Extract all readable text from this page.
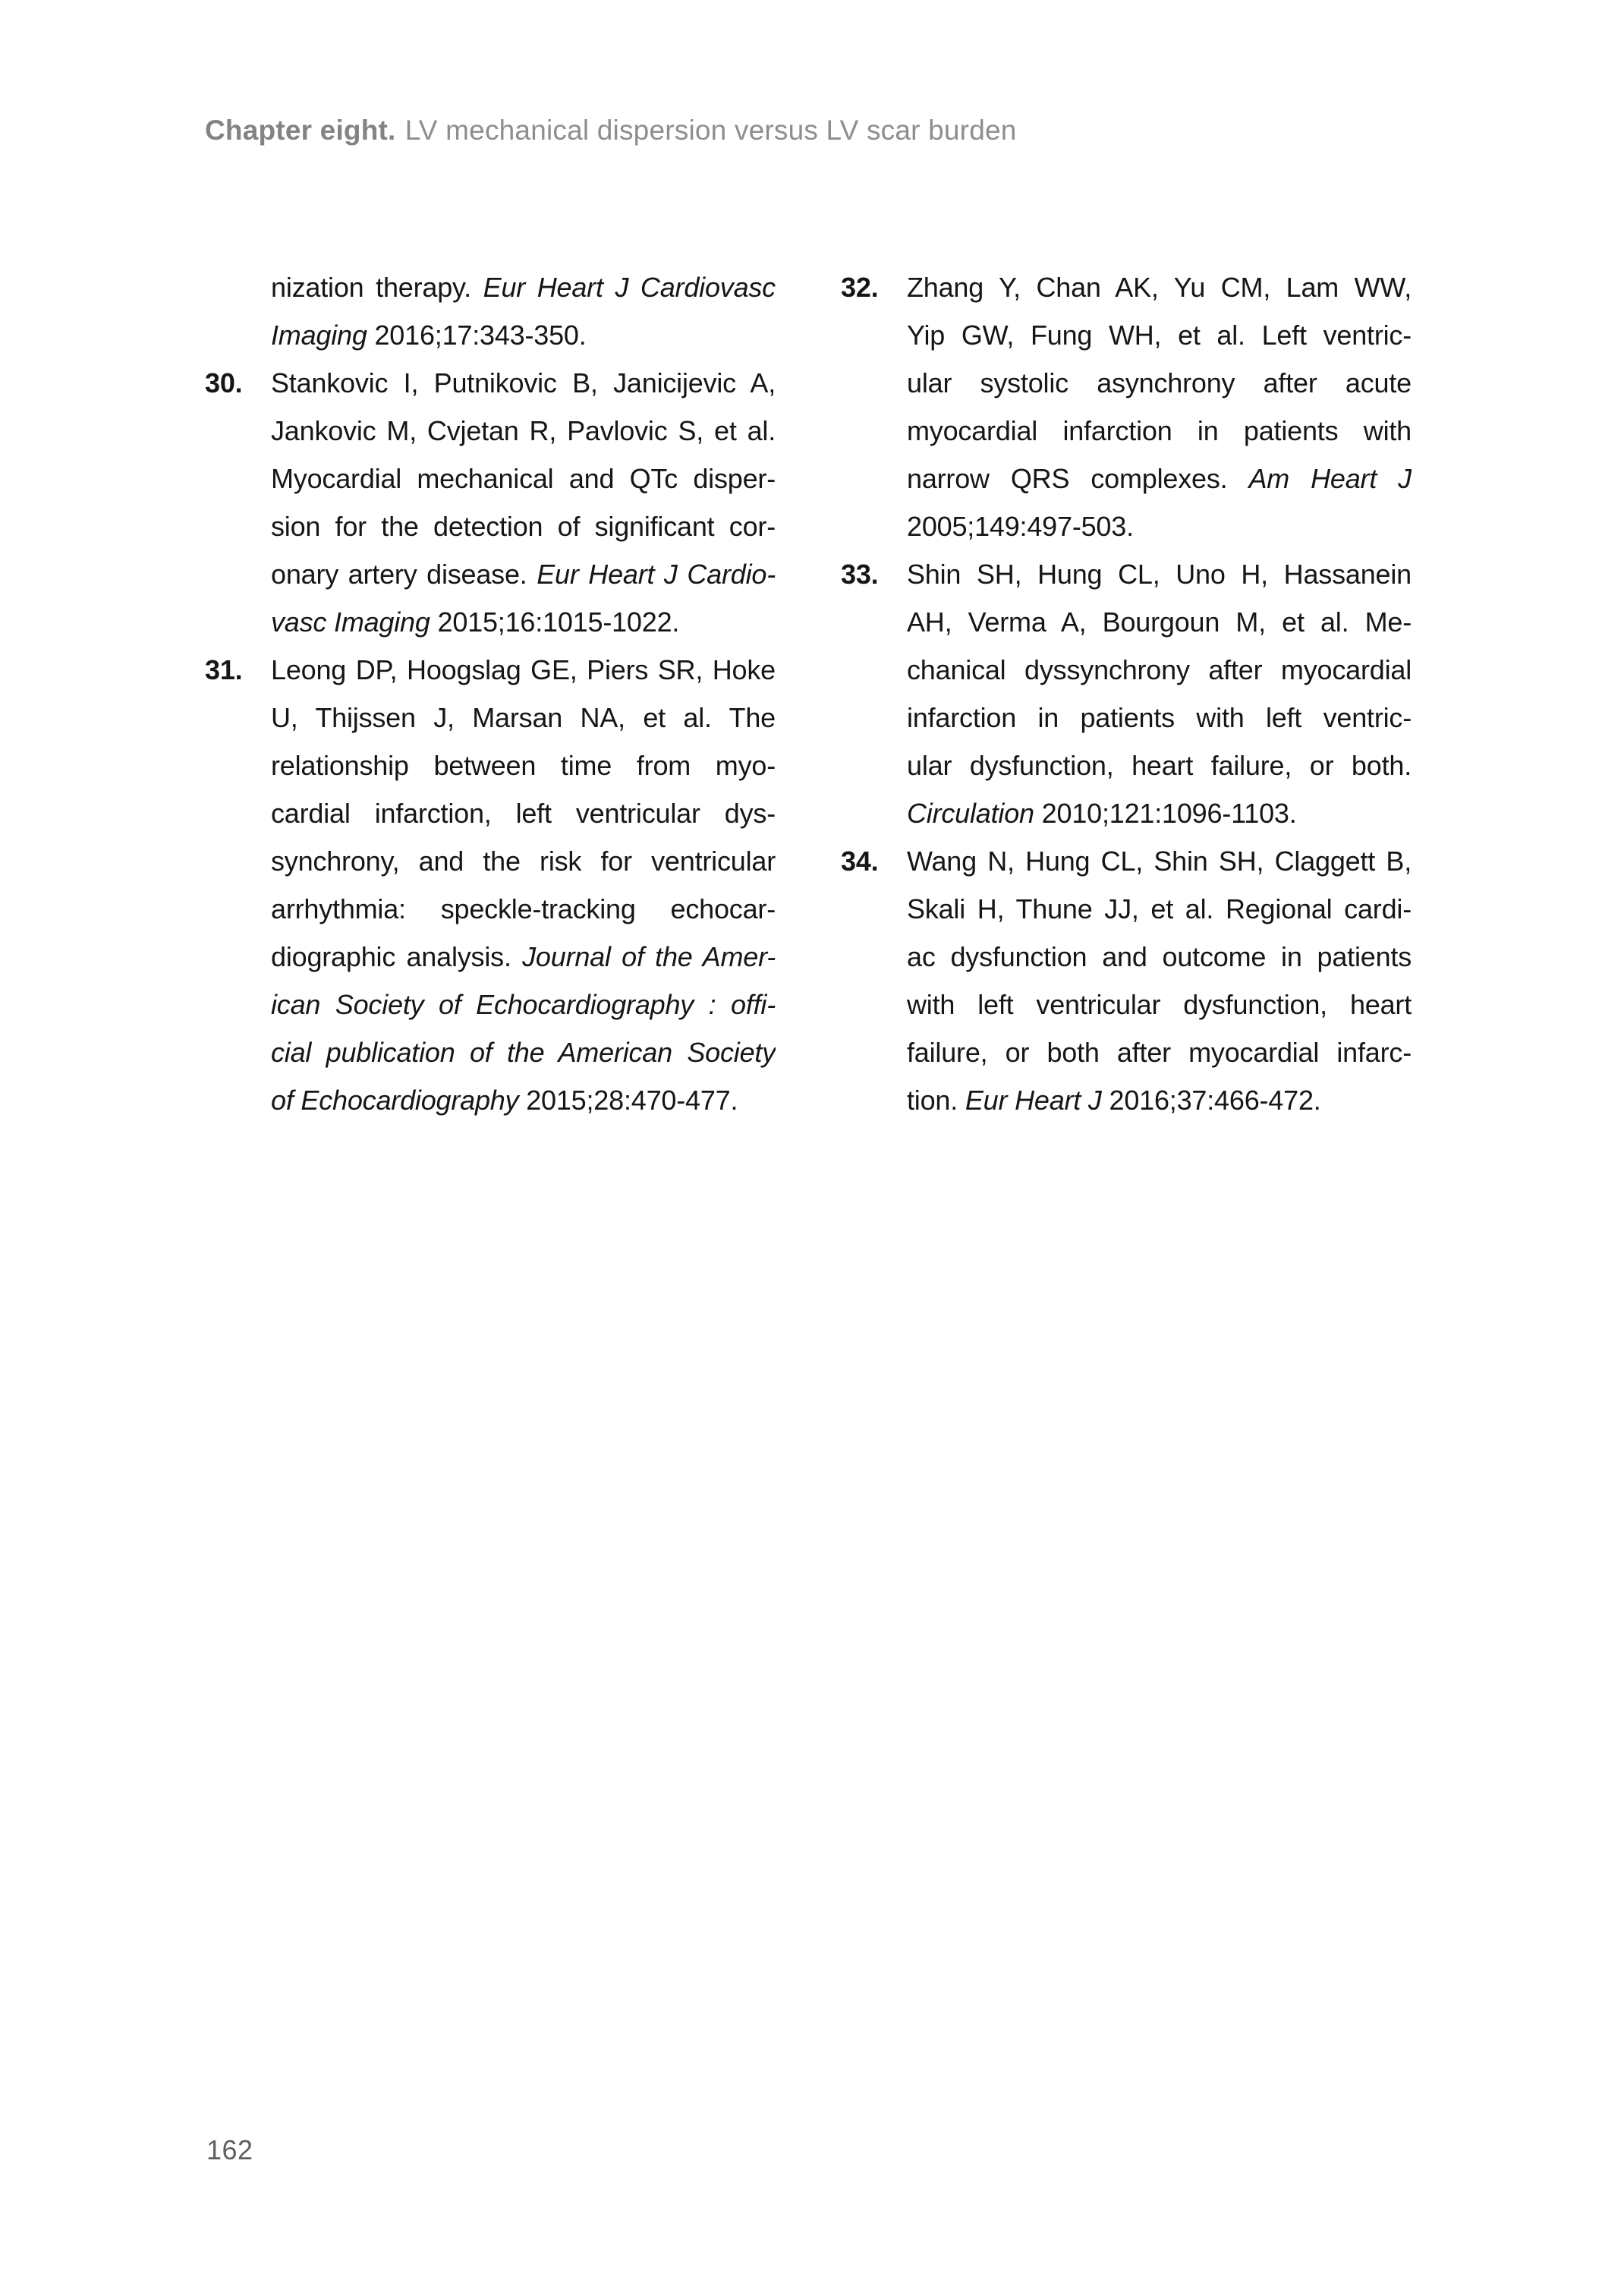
Chapter eight. LV mechanical dispersion versus LV scar burden
nization therapy. Eur Heart J Cardiovasc
Imaging 2016;17:343-350.
30.	Stankovic I, Putnikovic B, Janicijevic A,
Jankovic M, Cvjetan R, Pavlovic S, et al.
Myocardial mechanical and QTc disper-
sion for the detection of significant cor-
onary artery disease. Eur Heart J Cardio-
vasc Imaging 2015;16:1015-1022.
31.	Leong DP, Hoogslag GE, Piers SR, Hoke
U, Thijssen J, Marsan NA, et al. The
relationship between time from myo-
cardial infarction, left ventricular dys-
synchrony, and the risk for ventricular
arrhythmia: speckle-tracking echocar-
diographic analysis. Journal of the Amer-
ican Society of Echocardiography : offi-
cial publication of the American Society
of Echocardiography 2015;28:470-477.
32.	Zhang Y, Chan AK, Yu CM, Lam WW,
Yip GW, Fung WH, et al. Left ventric-
ular systolic asynchrony after acute
myocardial infarction in patients with
narrow QRS complexes. Am Heart J
2005;149:497-503.
33.	Shin SH, Hung CL, Uno H, Hassanein
AH, Verma A, Bourgoun M, et al. Me-
chanical dyssynchrony after myocardial
infarction in patients with left ventric-
ular dysfunction, heart failure, or both.
Circulation 2010;121:1096-1103.
34.	Wang N, Hung CL, Shin SH, Claggett B,
Skali H, Thune JJ, et al. Regional cardi-
ac dysfunction and outcome in patients
with left ventricular dysfunction, heart
failure, or both after myocardial infarc-
tion. Eur Heart J 2016;37:466-472.
162
